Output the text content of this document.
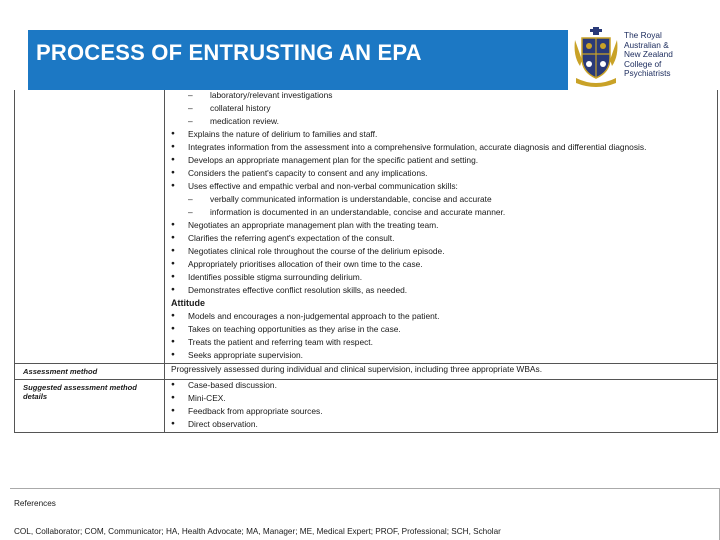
PROCESS OF ENTRUSTING AN EPA
The Royal
Australian &
New Zealand
College of
Psychiatrists
– laboratory/relevant investigations
– collateral history
– medication review.
● Explains the nature of delirium to families and staff.
● Integrates information from the assessment into a comprehensive formulation, accurate diagnosis and differential diagnosis.
● Develops an appropriate management plan for the specific patient and setting.
● Considers the patient's capacity to consent and any implications.
● Uses effective and empathic verbal and non-verbal communication skills:
– verbally communicated information is understandable, concise and accurate
– information is documented in an understandable, concise and accurate manner.
● Negotiates an appropriate management plan with the treating team.
● Clarifies the referring agent's expectation of the consult.
● Negotiates clinical role throughout the course of the delirium episode.
● Appropriately prioritises allocation of their own time to the case.
● Identifies possible stigma surrounding delirium.
● Demonstrates effective conflict resolution skills, as needed.
Attitude
● Models and encourages a non-judgemental approach to the patient.
● Takes on teaching opportunities as they arise in the case.
● Treats the patient and referring team with respect.
● Seeks appropriate supervision.
Assessment method	Progressively assessed during individual and clinical supervision, including three appropriate WBAs.
Suggested assessment method details
● Case-based discussion.
● Mini-CEX.
● Feedback from appropriate sources.
● Direct observation.
References
COL, Collaborator; COM, Communicator; HA, Health Advocate; MA, Manager; ME, Medical Expert; PROF, Professional; SCH, Scholar
